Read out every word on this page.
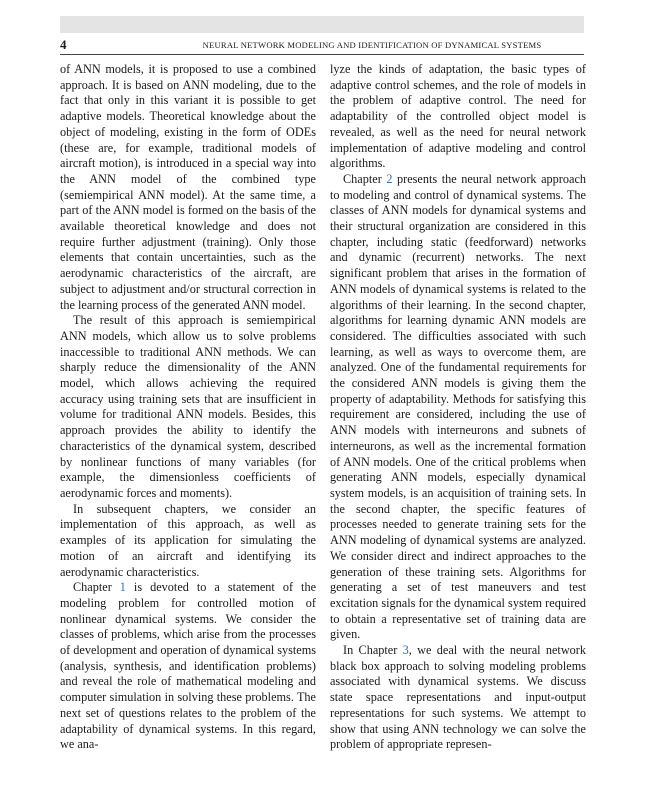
4	NEURAL NETWORK MODELING AND IDENTIFICATION OF DYNAMICAL SYSTEMS

of ANN models, it is proposed to use a combined approach. It is based on ANN modeling, due to the fact that only in this variant it is possible to get adaptive models. Theoretical knowledge about the object of modeling, existing in the form of ODEs (these are, for example, traditional models of aircraft motion), is introduced in a special way into the ANN model of the combined type (semiempirical ANN model). At the same time, a part of the ANN model is formed on the basis of the available theoretical knowledge and does not require further adjustment (training). Only those elements that contain uncertainties, such as the aerodynamic characteristics of the aircraft, are subject to adjustment and/or structural correction in the learning process of the generated ANN model.

The result of this approach is semiempirical ANN models, which allow us to solve problems inaccessible to traditional ANN methods. We can sharply reduce the dimensionality of the ANN model, which allows achieving the required accuracy using training sets that are insufficient in volume for traditional ANN models. Besides, this approach provides the ability to identify the characteristics of the dynamical system, described by nonlinear functions of many variables (for example, the dimensionless coefficients of aerodynamic forces and moments).

In subsequent chapters, we consider an implementation of this approach, as well as examples of its application for simulating the motion of an aircraft and identifying its aerodynamic characteristics.

Chapter 1 is devoted to a statement of the modeling problem for controlled motion of nonlinear dynamical systems. We consider the classes of problems, which arise from the processes of development and operation of dynamical systems (analysis, synthesis, and identification problems) and reveal the role of mathematical modeling and computer simulation in solving these problems. The next set of questions relates to the problem of the adaptability of dynamical systems. In this regard, we ana-

lyze the kinds of adaptation, the basic types of adaptive control schemes, and the role of models in the problem of adaptive control. The need for adaptability of the controlled object model is revealed, as well as the need for neural network implementation of adaptive modeling and control algorithms.

Chapter 2 presents the neural network approach to modeling and control of dynamical systems. The classes of ANN models for dynamical systems and their structural organization are considered in this chapter, including static (feedforward) networks and dynamic (recurrent) networks. The next significant problem that arises in the formation of ANN models of dynamical systems is related to the algorithms of their learning. In the second chapter, algorithms for learning dynamic ANN models are considered. The difficulties associated with such learning, as well as ways to overcome them, are analyzed. One of the fundamental requirements for the considered ANN models is giving them the property of adaptability. Methods for satisfying this requirement are considered, including the use of ANN models with interneurons and subnets of interneurons, as well as the incremental formation of ANN models. One of the critical problems when generating ANN models, especially dynamical system models, is an acquisition of training sets. In the second chapter, the specific features of processes needed to generate training sets for the ANN modeling of dynamical systems are analyzed. We consider direct and indirect approaches to the generation of these training sets. Algorithms for generating a set of test maneuvers and test excitation signals for the dynamical system required to obtain a representative set of training data are given.

In Chapter 3, we deal with the neural network black box approach to solving modeling problems associated with dynamical systems. We discuss state space representations and input-output representations for such systems. We attempt to show that using ANN technology we can solve the problem of appropriate represen-
